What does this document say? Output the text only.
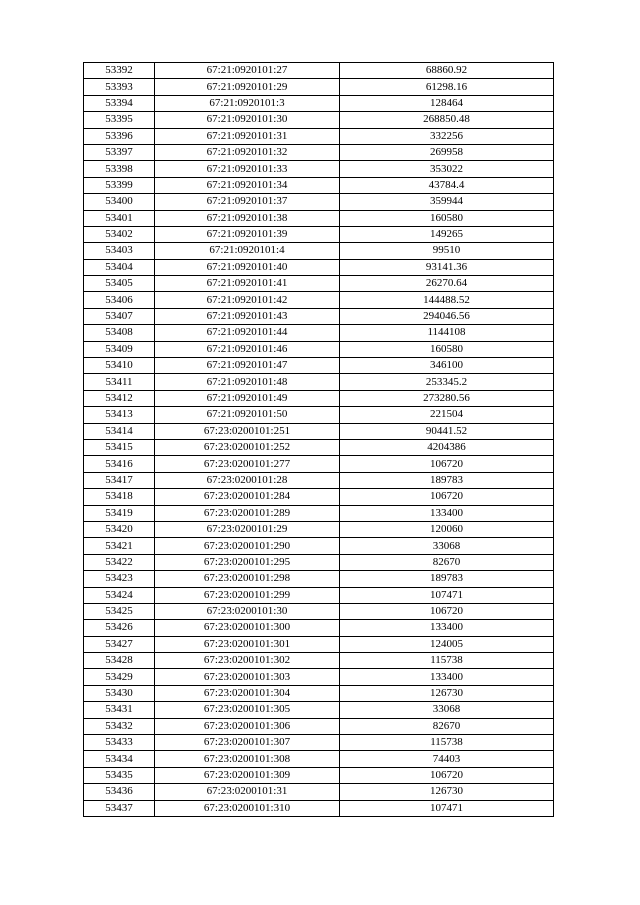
53392	67:21:0920101:27	68860.92
53393	67:21:0920101:29	61298.16
53394	67:21:0920101:3	128464
53395	67:21:0920101:30	268850.48
53396	67:21:0920101:31	332256
53397	67:21:0920101:32	269958
53398	67:21:0920101:33	353022
53399	67:21:0920101:34	43784.4
53400	67:21:0920101:37	359944
53401	67:21:0920101:38	160580
53402	67:21:0920101:39	149265
53403	67:21:0920101:4	99510
53404	67:21:0920101:40	93141.36
53405	67:21:0920101:41	26270.64
53406	67:21:0920101:42	144488.52
53407	67:21:0920101:43	294046.56
53408	67:21:0920101:44	1144108
53409	67:21:0920101:46	160580
53410	67:21:0920101:47	346100
53411	67:21:0920101:48	253345.2
53412	67:21:0920101:49	273280.56
53413	67:21:0920101:50	221504
53414	67:23:0200101:251	90441.52
53415	67:23:0200101:252	4204386
53416	67:23:0200101:277	106720
53417	67:23:0200101:28	189783
53418	67:23:0200101:284	106720
53419	67:23:0200101:289	133400
53420	67:23:0200101:29	120060
53421	67:23:0200101:290	33068
53422	67:23:0200101:295	82670
53423	67:23:0200101:298	189783
53424	67:23:0200101:299	107471
53425	67:23:0200101:30	106720
53426	67:23:0200101:300	133400
53427	67:23:0200101:301	124005
53428	67:23:0200101:302	115738
53429	67:23:0200101:303	133400
53430	67:23:0200101:304	126730
53431	67:23:0200101:305	33068
53432	67:23:0200101:306	82670
53433	67:23:0200101:307	115738
53434	67:23:0200101:308	74403
53435	67:23:0200101:309	106720
53436	67:23:0200101:31	126730
53437	67:23:0200101:310	107471
